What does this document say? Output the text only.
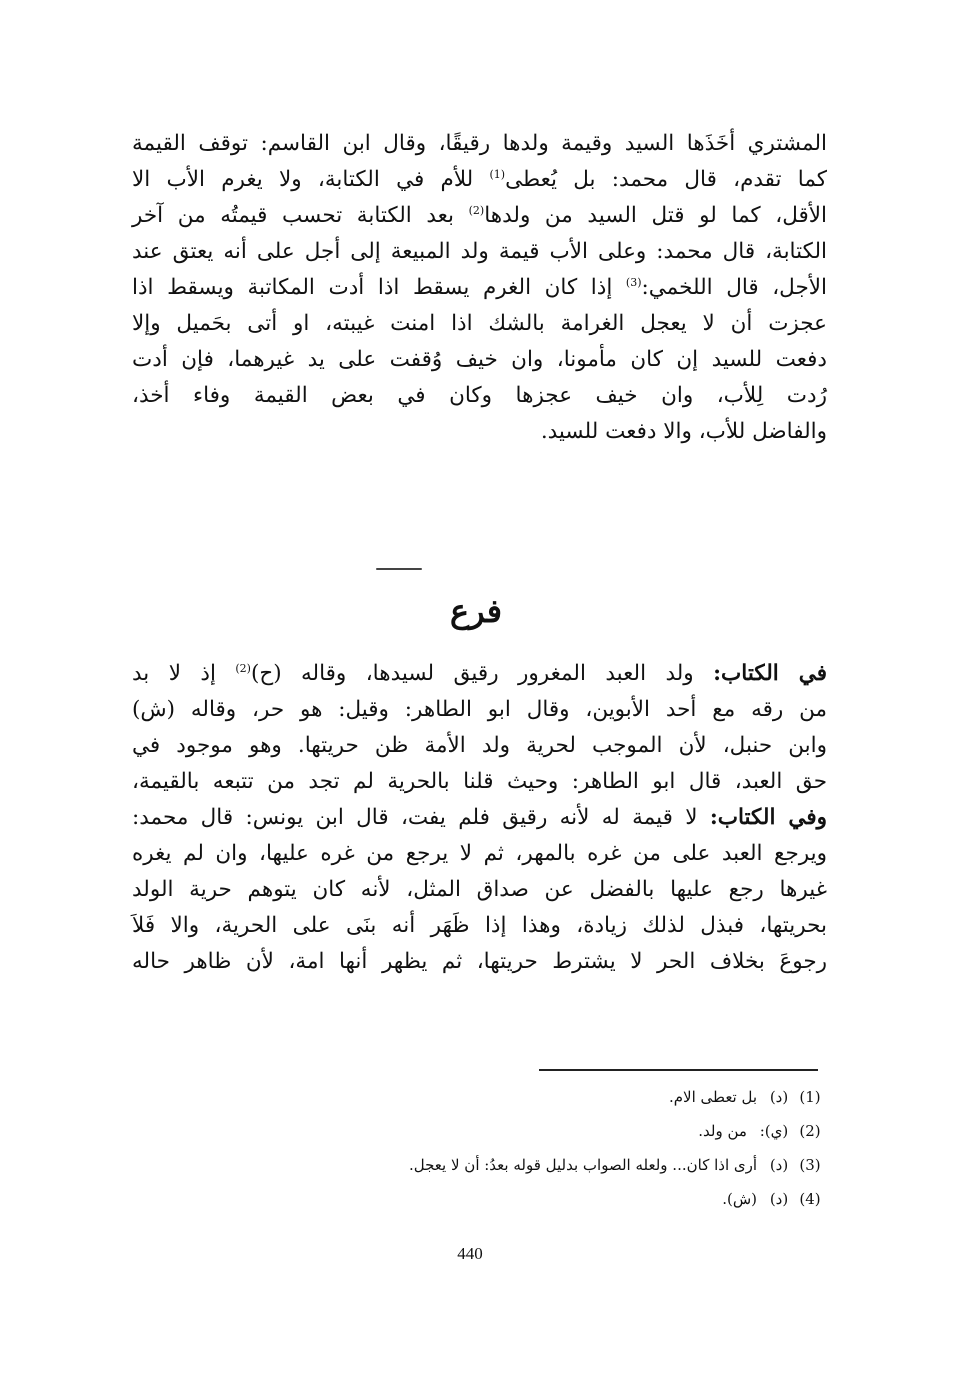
المشتري أخَذَها السيد وقيمة ولدها رقيقًا، وقال ابن القاسم: توقف القيمة
كما تقدم، قال محمد: بل يُعطى$^{(1)}$ للأم في الكتابة، ولا يغرم الأب الا
الأقل، كما لو قتل السيد من ولدها$^{(2)}$ بعد الكتابة تحسب قيمتُه من آخر
الكتابة، قال محمد: وعلى الأب قيمة ولد المبيعة إلى أجل على أنه يعتق عند
الأجل، قال اللخمي:$^{(3)}$ إذا كان الغرم يسقط اذا أدت المكاتبة ويسقط اذا
عجزت أن لا يعجل الغرامة بالشك اذا امنت غيبته، او أتى بحَميل وإلا
دفعت للسيد إن كان مأمونا، وان خيف وُقفت على يد غيرهما، فإن أدت
رُدت لِلأب، وان خيف عجزها وكان في بعض القيمة وفاء أخذ،
والفاضل للأب، والا دفعت للسيد.
فرع
في الكتاب: ولد العبد المغرور رقيق لسيدها، وقاله (ح)$^{(2)}$ إذ لا بد
من رقه مع أحد الأبوين، وقال ابو الطاهر: وقيل: هو حر، وقاله (ش)
وابن حنبل، لأن الموجب لحرية ولد الأمة ظن حريتها. وهو موجود في
حق العبد، قال ابو الطاهر: وحيث قلنا بالحرية لم تجد من تتبعه بالقيمة،
وفي الكتاب: لا قيمة له لأنه رقيق فلم يفت، قال ابن يونس: قال محمد:
ويرجع العبد على من غره بالمهر، ثم لا يرجع من غره عليها، وان لم يغره
غيرها رجع عليها بالفضل عن صداق المثل، لأنه كان يتوهم حرية الولد
بحريتها، فبذل لذلك زيادة، وهذا إذا ظَهَر أنه بنَى على الحرية، والا فَلاَ
رجوعَ بخلاف الحر لا يشترط حريتها، ثم يظهر أنها امة، لأن ظاهر حاله
(1) (د) بل تعطى الام.
(2) (ي): من ولد.
(3) (د) أرى اذا كان... ولعله الصواب بدليل قوله بعدُ: أن لا يعجل.
(4) (د) (ش).
440
